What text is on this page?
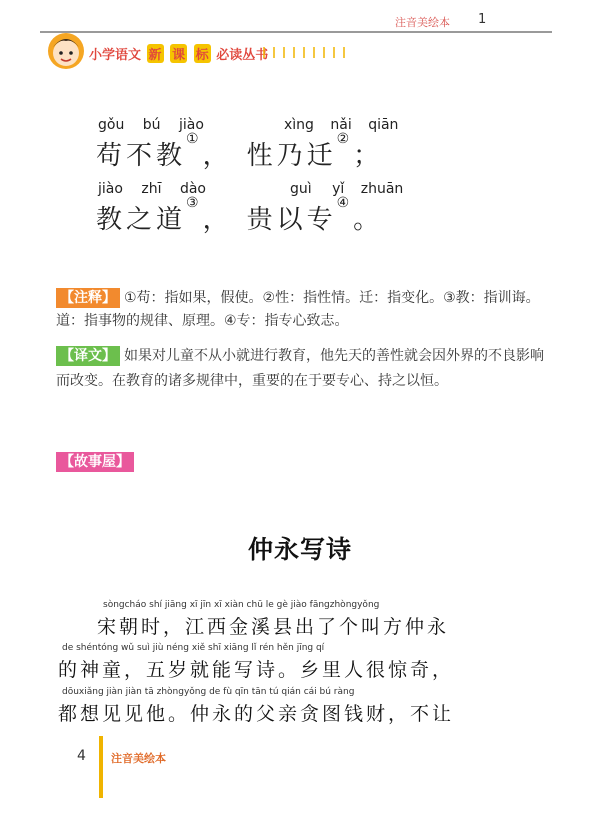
注音美绘本 1
小学语文 新 课 标 必读丛书
gǒu bú jiào	xìng nǎi qiān
苟不教①， 性乃迁②；
jiào zhī dào	guì yǐ zhuān
教之道③， 贵以专④。
【注释】 ①苟：指如果，假使。②性：指性情。迁：指变化。③教：指训诲。道：指事物的规律、原理。④专：指专心致志。
【译文】 如果对儿童不从小就进行教育，他先天的善性就会因外界的不良影响而改变。在教育的诸多规律中，重要的在于要专心、持之以恒。
【故事屋】
仲永写诗
sòngcháo shí jiāng xī jīn xī xiàn chū le gè jiào fāngzhòngyǒng
宋朝时，江西金溪县出了个叫方仲永
de shéntóng wǔ suì jiù néng xiě shī xiāng lǐ rén hěn jīng qí
的神童，五岁就能写诗。乡里人很惊奇，
dōuxiǎng jiàn jiàn tā zhòngyǒng de fù qīn tān tú qián cái bú ràng
都想见见他。仲永的父亲贪图钱财，不让
4 注音美绘本
